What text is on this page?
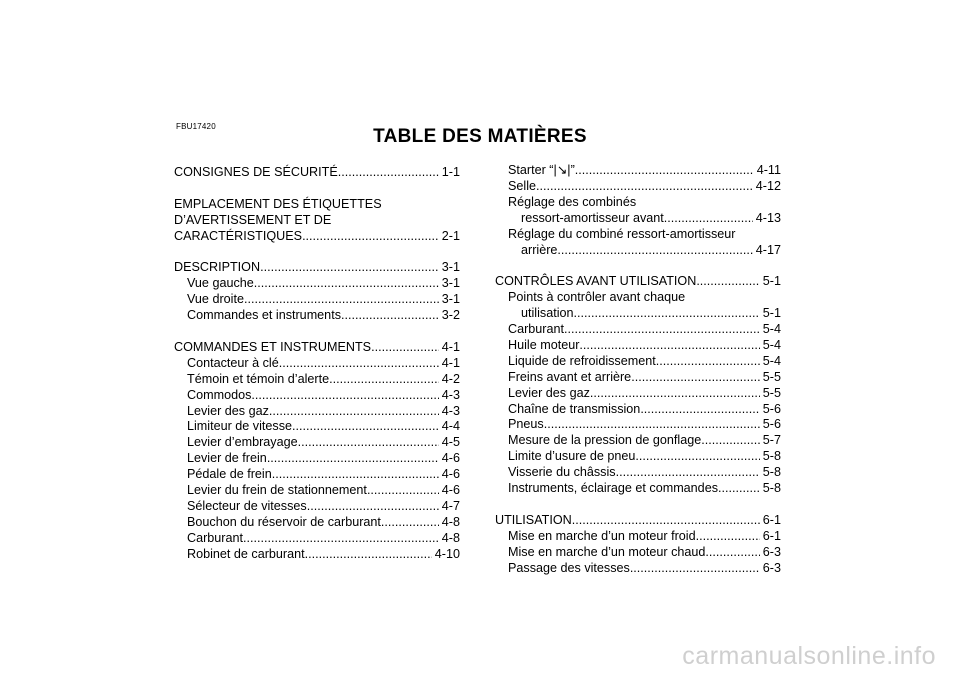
FBU17420	TABLE DES MATIÈRES
CONSIGNES DE SÉCURITÉ .....	1-1
EMPLACEMENT DES ÉTIQUETTES
D’AVERTISSEMENT ET DE
CARACTÉRISTIQUES .....	2-1
DESCRIPTION .....	3-1
Vue gauche .....	3-1
Vue droite .....	3-1
Commandes et instruments .....	3-2
COMMANDES ET INSTRUMENTS .....	4-1
Contacteur à clé .....	4-1
Témoin et témoin d’alerte .....	4-2
Commodos .....	4-3
Levier des gaz .....	4-3
Limiteur de vitesse .....	4-4
Levier d’embrayage .....	4-5
Levier de frein .....	4-6
Pédale de frein .....	4-6
Levier du frein de stationnement .....	4-6
Sélecteur de vitesses .....	4-7
Bouchon du réservoir de carburant .....	4-8
Carburant .....	4-8
Robinet de carburant .....	4-10
Starter “|↘|” .....	4-11
Selle .....	4-12
Réglage des combinés
ressort-amortisseur avant .....	4-13
Réglage du combiné ressort-amortisseur
arrière .....	4-17
CONTRÔLES AVANT UTILISATION .....	5-1
Points à contrôler avant chaque
utilisation .....	5-1
Carburant .....	5-4
Huile moteur .....	5-4
Liquide de refroidissement .....	5-4
Freins avant et arrière .....	5-5
Levier des gaz .....	5-5
Chaîne de transmission .....	5-6
Pneus .....	5-6
Mesure de la pression de gonflage .....	5-7
Limite d’usure de pneu .....	5-8
Visserie du châssis .....	5-8
Instruments, éclairage et commandes .....	5-8
UTILISATION .....	6-1
Mise en marche d’un moteur froid .....	6-1
Mise en marche d’un moteur chaud .....	6-3
Passage des vitesses .....	6-3
carmanualsonline.info
